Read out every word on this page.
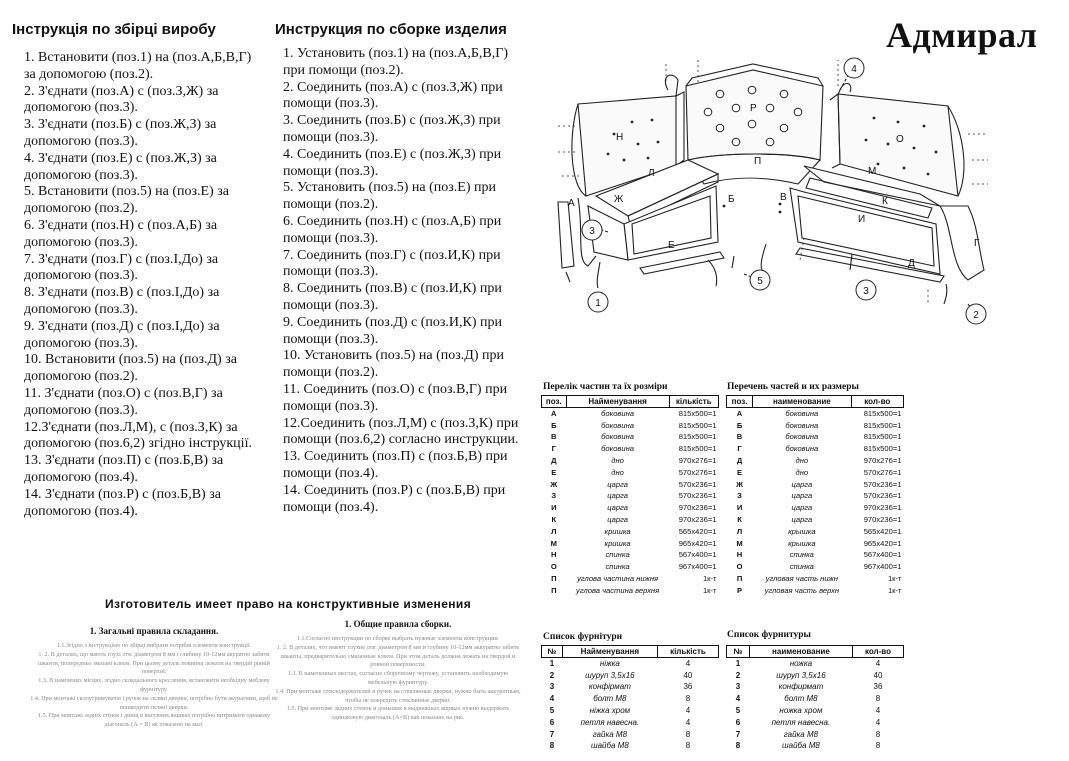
Інструкція по збірці виробу	Инструкция по сборке изделия	Адмирал

1. Встановити (поз.1) на (поз.А,Б,В,Г) за допомогою (поз.2).

2. З'єднати (поз.А) с (поз.З,Ж) за допомогою (поз.3).

3. З'єднати (поз.Б) с (поз.Ж,З) за допомогою (поз.3).

4. З'єднати (поз.Е) с (поз.Ж,З) за допомогою (поз.3).

5. Встановити (поз.5) на (поз.Е) за допомогою (поз.2).

6. З'єднати (поз.Н) с (поз.А,Б) за допомогою (поз.3).

7. З'єднати (поз.Г) с (поз.І,До) за допомогою (поз.3).

8. З'єднати (поз.В) с (поз.І,До) за допомогою (поз.3).

9. З'єднати (поз.Д) с (поз.І,До) за допомогою (поз.3).

10. Встановити (поз.5) на (поз.Д) за допомогою (поз.2).

11. З'єднати (поз.О) с (поз.В,Г) за допомогою (поз.3).

12.З'єднати (поз.Л,М), с (поз.З,К) за допомогою (поз.6,2) згідно інструкції.

13. З'єднати (поз.П) с (поз.Б,В) за допомогою (поз.4).

14. З'єднати (поз.Р) с (поз.Б,В) за допомогою (поз.4).

1. Установить (поз.1) на (поз.А,Б,В,Г) при помощи (поз.2).

2. Соединить (поз.А) с (поз.З,Ж) при помощи (поз.3).

3. Соединить (поз.Б) с (поз.Ж,З) при помощи (поз.3).

4. Соединить (поз.Е) с (поз.Ж,З) при помощи (поз.3).

5. Установить (поз.5) на (поз.Е) при помощи (поз.2).

6. Соединить (поз.Н) с (поз.А,Б) при помощи (поз.3).

7. Соединить (поз.Г) с (поз.И,К) при помощи (поз.3).

8. Соединить (поз.В) с (поз.И,К) при помощи (поз.3).

9. Соединить (поз.Д) с (поз.И,К) при помощи (поз.3).

10. Установить (поз.5) на (поз.Д) при помощи (поз.2).

11. Соединить (поз.О) с (поз.В,Г) при помощи (поз.3).

12.Соединить (поз.Л,М) с (поз.З,К) при помощи (поз.6,2) согласно инструкции.

13. Соединить (поз.П) с (поз.Б,В) при помощи (поз.4).

14. Соединить (поз.Р) с (поз.Б,В) при помощи (поз.4).

Н
Р
О
Л
П
М
А	Б	В	К
Ж
И
Е	Г
Д
4
3
5
1
3
2
Изготовитель имеет право на конструктивные изменения
1. Загальні правила складання.

1.1.Згідно з інструкцією по збірці вибрати потрібні елементи конструкції.

1. 2. В деталях, що мають глухі отв. діаметром 8 мм і глибину 10-12мм акуратно забити шканти, попередньо змазані клеєм. При цьому деталь повинна лежати на твердій рівній поверхні.

1.3. В намічених місцях, згідно складального креслення, встановити необхідну меблеву фурнітуру.

1.4. При монтажі склоутримувачів і ручок на скляні дверки, потрібно бути акуратним, щоб не пошкодити скляні дверки.

1.5. При монтажі задніх стінок і днищ в висувних ящиках потрібно витримати однакову діагональ (А = В) як показано на мал.

1. Общие правила сборки.

1.1.Согласно инструкции по сборке выбрать нужные элементы конструкции.

1. 2. В деталях, что имеют глухие отв. диаметром 8 мм и глубину 10-12мм аккуратно забить шканты, предварительно смазанные клеем. При этом деталь должна лежать на твердой и ровной поверхности.

1.3. В намеченных местах, согласно сборочному чертежу, установить необходимую мебельную фурнитуру.

1.4. При монтаже стеклодержателей и ручек на стеклянные дверки, нужно быть аккуратным, чтобы не повредить стеклянные дверки.

1.5. При монтаже задних стенок и донышек в выдвижных ящиках нужно выдержать одинаковую диагональ (А=В) как показано на рис.

Перелік частин та їх розміри
поз.	Найменування	кількість
А	боковина	815х500=1
Б	боковина	815х500=1
В	боковина	815х500=1
Г	боковина	815х500=1
Д	дно	970х276=1
Е	дно	570х276=1
Ж	царга	570х236=1
З	царга	570х236=1
И	царга	970х236=1
К	царга	970х236=1
Л	кришка	565х420=1
М	кришка	965х420=1
Н	спинка	567х400=1
О	спинка	967х400=1
П	углова частина нижня	1к-т
П	углова частина верхня	1к-т
Перечень частей и их размеры
поз.	наименование	кол-во
А	боковина	815х500=1
Б	боковина	815х500=1
В	боковина	815х500=1
Г	боковина	815х500=1
Д	дно	970х276=1
Е	дно	570х276=1
Ж	царга	570х236=1
З	царга	570х236=1
И	царга	970х236=1
К	царга	970х236=1
Л	крышка	565х420=1
М	крышка	965х420=1
Н	спинка	567х400=1
О	спинка	967х400=1
П	угловая часть нижн	1к-т
Р	угловая часть верхн	1к-т
Список фурнітури
№	Найменування	кількість
1	ніжка	4
2	шуруп 3,5х16	40
3	конфірмат	36
4	болт М8	8
5	ніжка хром	4
6	петля навесна.	4
7	гайка М8	8
8	шайба М8	8
Список фурнитуры
№	наименование	кол-во
1	ножка	4
2	шуруп 3,5х16	40
3	конфирмат	36
4	болт М8	8
5	ножка хром	4
6	петля навесна.	4
7	гайка М8	8
8	шайба М8	8
